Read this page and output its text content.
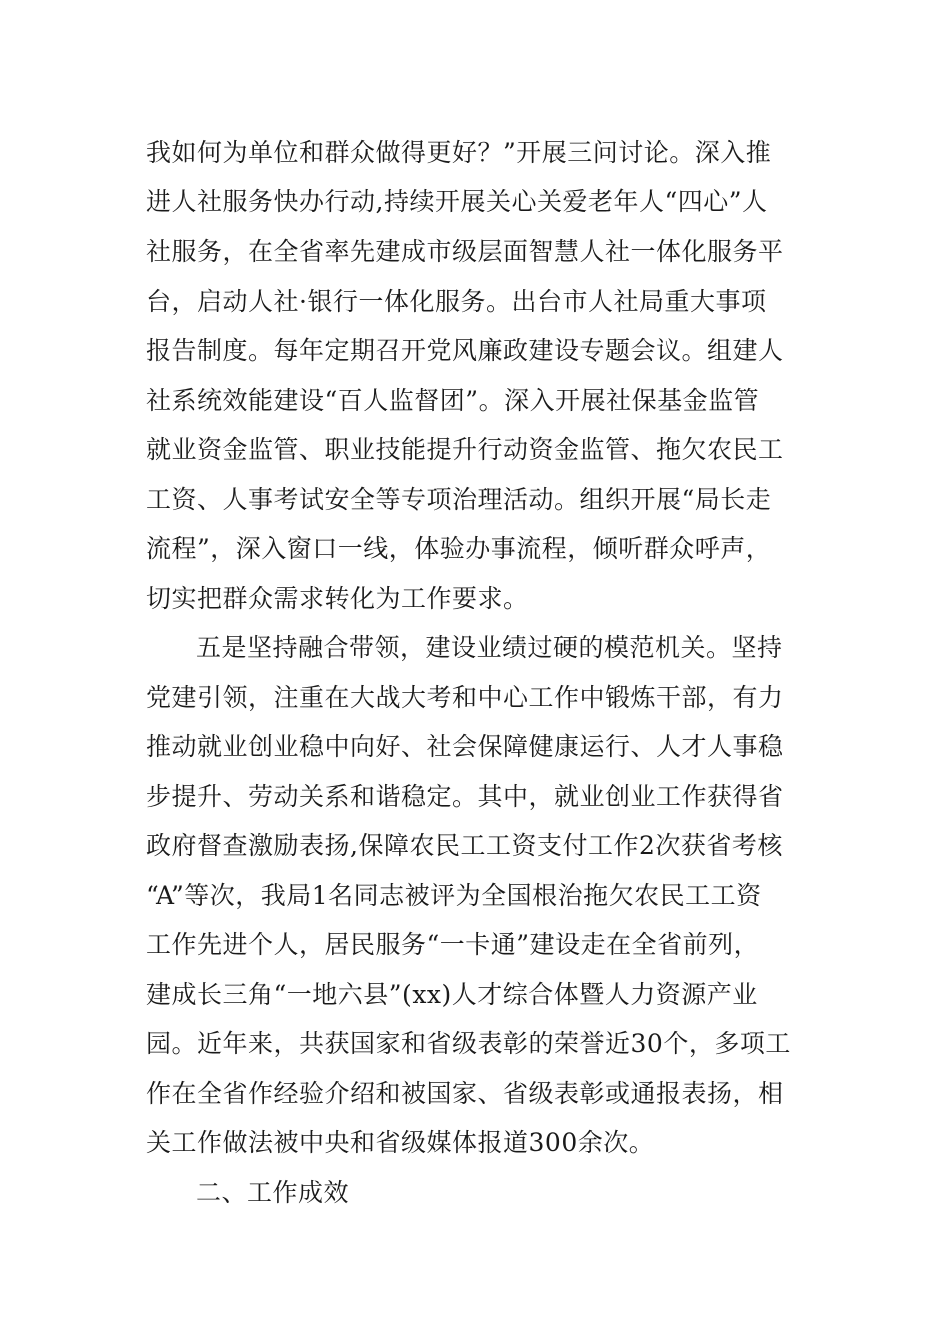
我如何为单位和群众做得更好？”开展三问讨论。深入推
进人社服务快办行动,持续开展关心关爱老年人“四心”人
社服务，在全省率先建成市级层面智慧人社一体化服务平
台，启动人社·银行一体化服务。出台市人社局重大事项
报告制度。每年定期召开党风廉政建设专题会议。组建人
社系统效能建设“百人监督团”。深入开展社保基金监管
就业资金监管、职业技能提升行动资金监管、拖欠农民工
工资、人事考试安全等专项治理活动。组织开展“局长走
流程”，深入窗口一线，体验办事流程，倾听群众呼声，
切实把群众需求转化为工作要求。
五是坚持融合带领，建设业绩过硬的模范机关。坚持
党建引领，注重在大战大考和中心工作中锻炼干部，有力
推动就业创业稳中向好、社会保障健康运行、人才人事稳
步提升、劳动关系和谐稳定。其中，就业创业工作获得省
政府督查激励表扬,保障农民工工资支付工作2次获省考核
“A”等次，我局1名同志被评为全国根治拖欠农民工工资
工作先进个人，居民服务“一卡通”建设走在全省前列，
建成长三角“一地六县”(xx)人才综合体暨人力资源产业
园。近年来，共获国家和省级表彰的荣誉近30个，多项工
作在全省作经验介绍和被国家、省级表彰或通报表扬，相
关工作做法被中央和省级媒体报道300余次。
二、工作成效
